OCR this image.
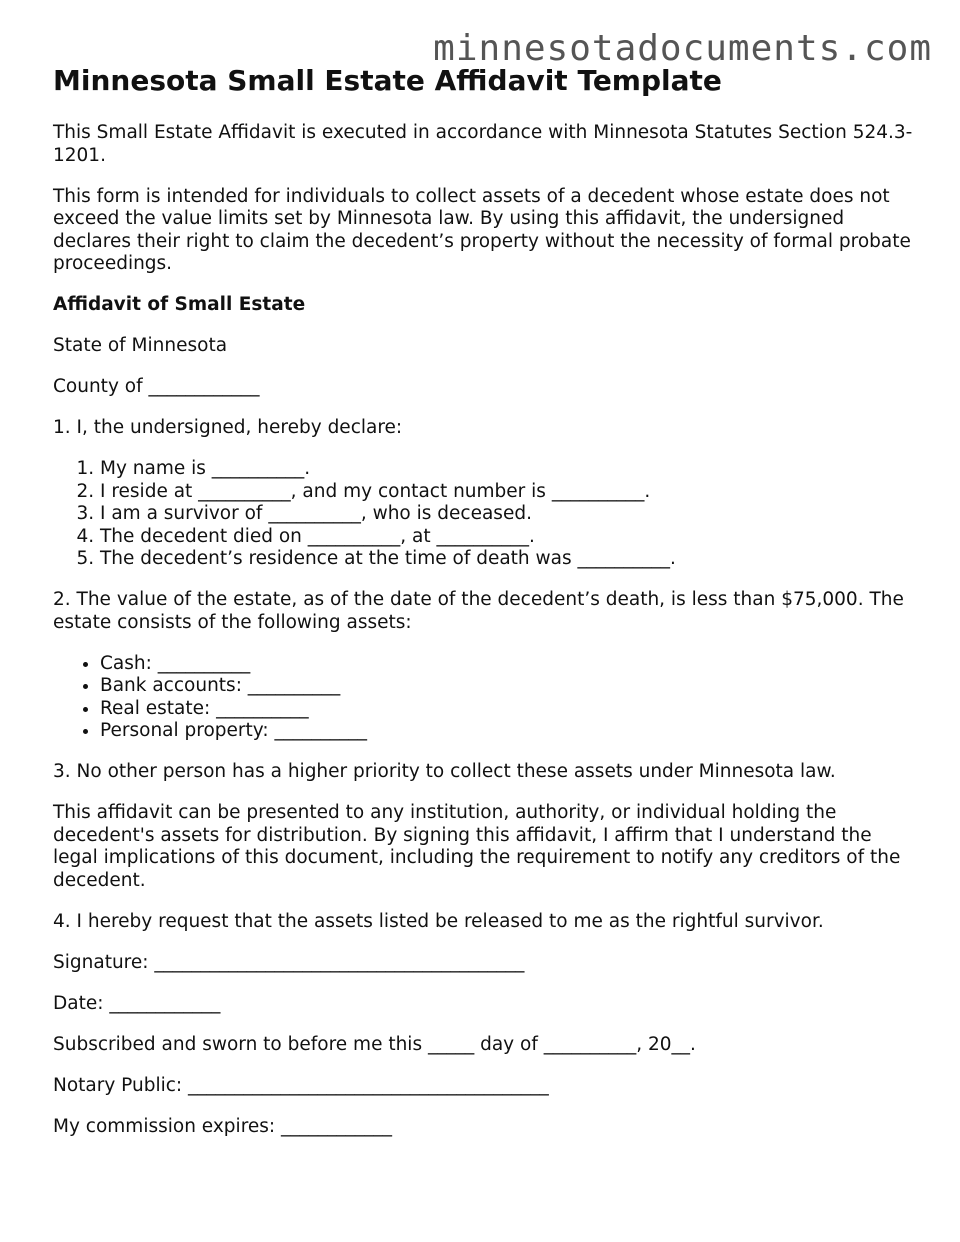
minnesotadocuments.com
Minnesota Small Estate Affidavit Template

This Small Estate Affidavit is executed in accordance with Minnesota Statutes Section 524.3-1201.

This form is intended for individuals to collect assets of a decedent whose estate does not exceed the value limits set by Minnesota law. By using this affidavit, the undersigned declares their right to claim the decedent’s property without the necessity of formal probate proceedings.

Affidavit of Small Estate

State of Minnesota

County of ____________

1. I, the undersigned, hereby declare:

1. My name is __________.
2. I reside at __________, and my contact number is __________.
3. I am a survivor of __________, who is deceased.
4. The decedent died on __________, at __________.
5. The decedent’s residence at the time of death was __________.

2. The value of the estate, as of the date of the decedent’s death, is less than $75,000. The estate consists of the following assets:

• Cash: __________
• Bank accounts: __________
• Real estate: __________
• Personal property: __________

3. No other person has a higher priority to collect these assets under Minnesota law.

This affidavit can be presented to any institution, authority, or individual holding the decedent's assets for distribution. By signing this affidavit, I affirm that I understand the legal implications of this document, including the requirement to notify any creditors of the decedent.

4. I hereby request that the assets listed be released to me as the rightful survivor.

Signature: ________________________________________

Date: ____________

Subscribed and sworn to before me this _____ day of __________, 20__.

Notary Public: _______________________________________

My commission expires: ____________
